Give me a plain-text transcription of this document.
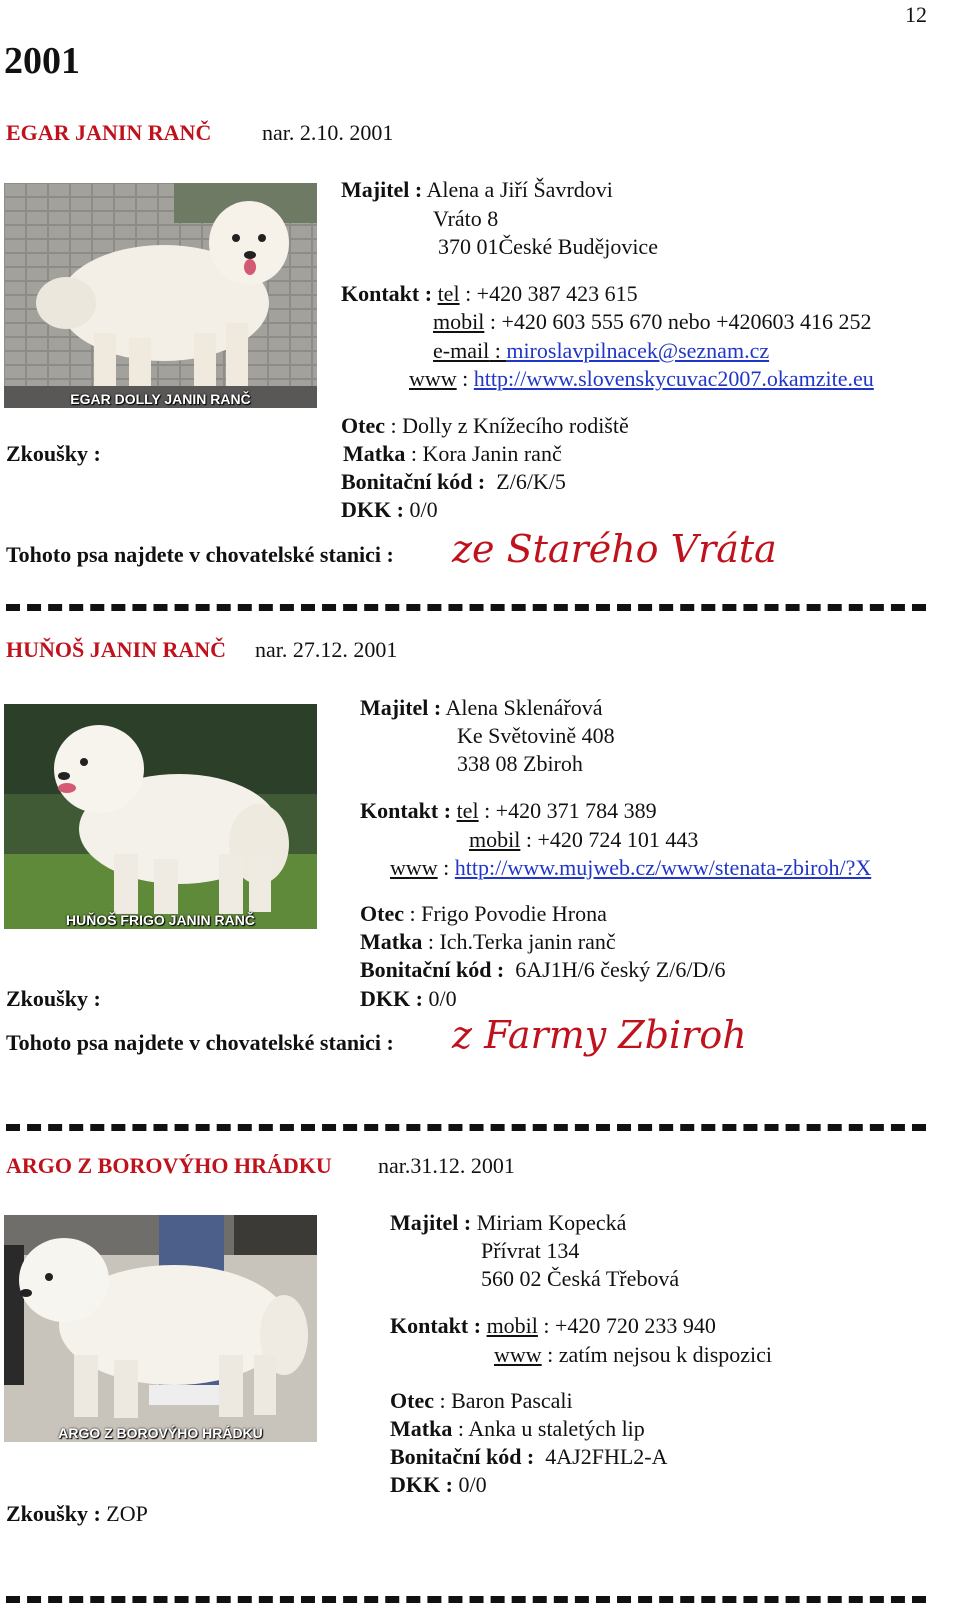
12
2001
EGAR JANIN RANČ nar. 2.10. 2001
EGAR DOLLY JANIN RANČ
Majitel : Alena a Jiří Šavrdovi
Vráto 8
370 01České Budějovice
Kontakt : tel : +420 387 423 615
mobil : +420 603 555 670 nebo +420603 416 252
e-mail : miroslavpilnacek@seznam.cz
www : http://www.slovenskycuvac2007.okamzite.eu
Otec : Dolly z Knížecího rodiště
Zkoušky :	Matka : Kora Janin ranč
Bonitační kód : Z/6/K/5
DKK : 0/0
Tohoto psa najdete v chovatelské stanici : ze Starého Vráta
HUŇOŠ JANIN RANČ nar. 27.12. 2001
HUŇOŠ FRIGO JANIN RANČ
Majitel : Alena Sklenářová
Ke Světovině 408
338 08 Zbiroh
Kontakt : tel : +420 371 784 389
mobil : +420 724 101 443
www : http://www.mujweb.cz/www/stenata-zbiroh/?X
Otec : Frigo Povodie Hrona
Matka : Ich.Terka janin ranč
Bonitační kód : 6AJ1H/6 český Z/6/D/6
Zkoušky :	DKK : 0/0
Tohoto psa najdete v chovatelské stanici : z Farmy Zbiroh
ARGO Z BOROVÝHO HRÁDKU nar.31.12. 2001
ARGO Z BOROVÝHO HRÁDKU
Majitel : Miriam Kopecká
Přívrat 134
560 02 Česká Třebová
Kontakt : mobil : +420 720 233 940
www : zatím nejsou k dispozici
Otec : Baron Pascali
Matka : Anka u staletých lip
Bonitační kód : 4AJ2FHL2-A
DKK : 0/0
Zkoušky : ZOP
